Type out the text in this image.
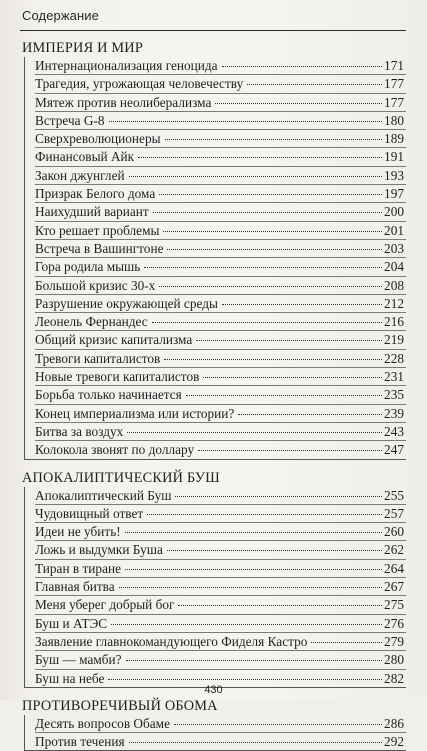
Содержание
ИМПЕРИЯ И МИР
Интернационализация геноцида	171
Трагедия, угрожающая человечеству	177
Мятеж против неолиберализма	177
Встреча G-8	180
Сверхреволюционеры	189
Финансовый Айк	191
Закон джунглей	193
Призрак Белого дома	197
Наихудший вариант	200
Кто решает проблемы	201
Встреча в Вашингтоне	203
Гора родила мышь	204
Большой кризис 30-х	208
Разрушение окружающей среды	212
Леонель Фернандес	216
Общий кризис капитализма	219
Тревоги капиталистов	228
Новые тревоги капиталистов	231
Борьба только начинается	235
Конец империализма или истории?	239
Битва за воздух	243
Колокола звонят по доллару	247
АПОКАЛИПТИЧЕСКИЙ БУШ
Апокалиптический Буш	255
Чудовищный ответ	257
Идеи не убить!	260
Ложь и выдумки Буша	262
Тиран в тиране	264
Главная битва	267
Меня уберег добрый бог	275
Буш и АТЭС	276
Заявление главнокомандующего Фиделя Кастро	279
Буш — мамби?	280
Буш на небе	282
ПРОТИВОРЕЧИВЫЙ ОБОМА
Десять вопросов Обаме	286
Против течения	292
430
